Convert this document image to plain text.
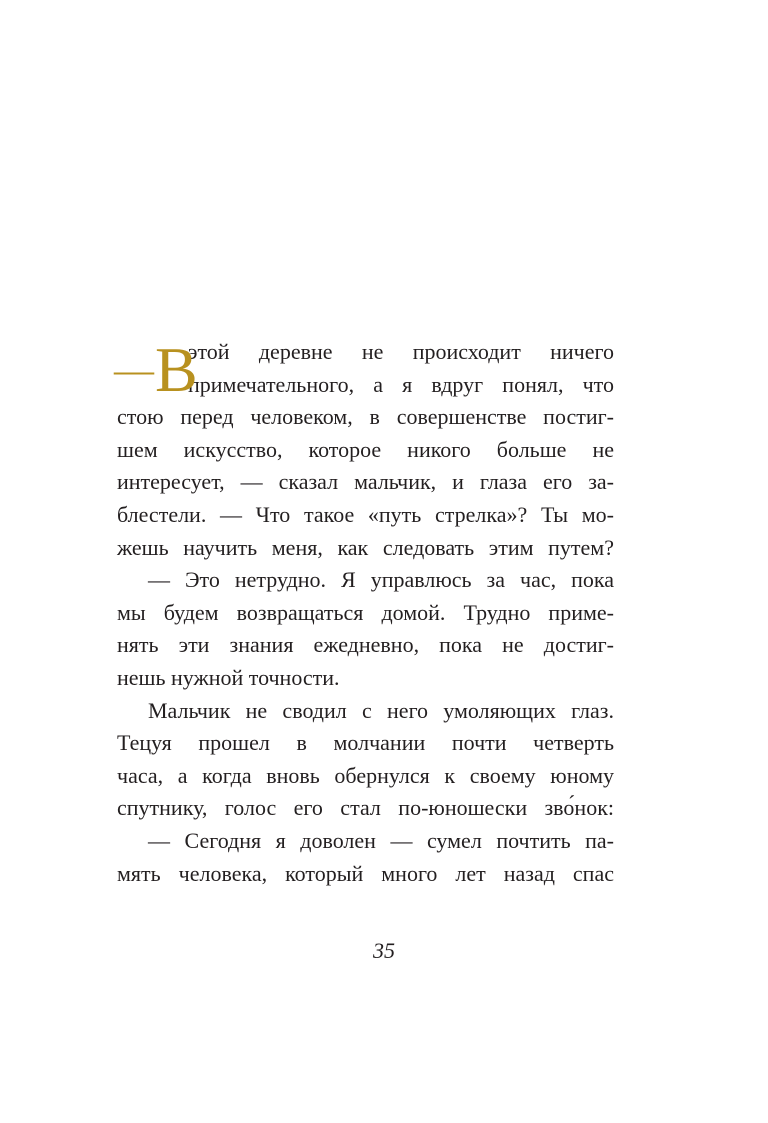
—В
этой деревне не происходит ничего
примечательного, а я вдруг понял, что
стою перед человеком, в совершенстве постиг-
шем искусство, которое никого больше не
интересует, — сказал мальчик, и глаза его за-
блестели. — Что такое «путь стрелка»? Ты мо-
жешь научить меня, как следовать этим путем?
— Это нетрудно. Я управлюсь за час, пока
мы будем возвращаться домой. Трудно приме-
нять эти знания ежедневно, пока не достиг-
нешь нужной точности.
Мальчик не сводил с него умоляющих глаз.
Тецуя прошел в молчании почти четверть
часа, а когда вновь обернулся к своему юному
спутнику, голос его стал по-юношески зво́нок:
— Сегодня я доволен — сумел почтить па-
мять человека, который много лет назад спас
35
